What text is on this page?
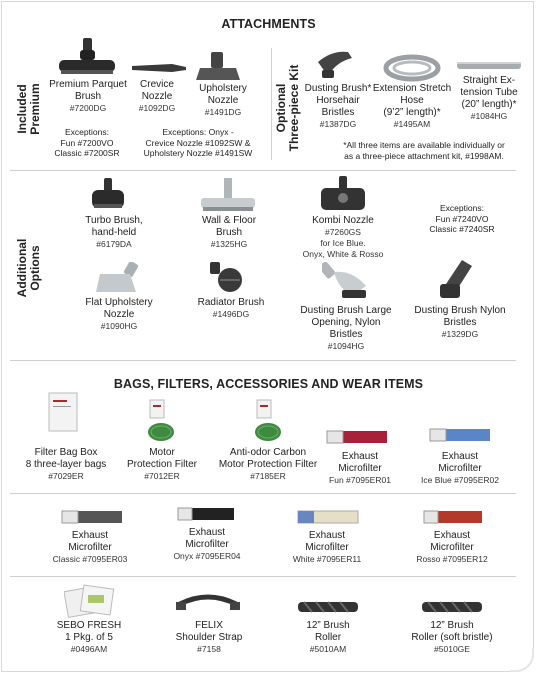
ATTACHMENTS
Included Premium	Optional Three-piece Kit
Premium Parquet Brush
#7200DG
Crevice Nozzle
#1092DG
Upholstery Nozzle
#1491DG
Exceptions:
Fun #7200VO
Classic #7200SR
Exceptions: Onyx -
Crevice Nozzle #1092SW &
Upholstery Nozzle #1491SW
Dusting Brush*
Horsehair Bristles
#1387DG
Extension Stretch Hose
(9’2” length)*
#1495AM
Straight Ex-tension Tube
(20” length)*
#1084HG
*All three items are available individually or
as a three-piece attachment kit, #1998AM.
Additional Options
Turbo Brush, hand-held
#6179DA
Wall & Floor Brush
#1325HG
Kombi Nozzle
#7260GS
for Ice Blue.
Onyx, White & Rosso
Exceptions:
Fun #7240VO
Classic #7240SR
Flat Upholstery Nozzle
#1090HG
Radiator Brush
#1496DG	Dusting Brush Large Opening, Nylon Bristles
#1094HG
Dusting Brush Nylon Bristles
#1329DG
BAGS, FILTERS, ACCESSORIES AND WEAR ITEMS
Filter Bag Box
8 three-layer bags
#7029ER
Motor
Protection Filter
#7012ER
Anti-odor Carbon
Motor Protection Filter
#7185ER
Exhaust
Microfilter
Fun #7095ER01
Exhaust
Microfilter
Ice Blue #7095ER02
Exhaust
Microfilter
Classic #7095ER03
Exhaust
Microfilter
Onyx #7095ER04
Exhaust
Microfilter
White #7095ER11
Exhaust
Microfilter
Rosso #7095ER12
SEBO FRESH
1 Pkg. of 5
#0496AM
FELIX
Shoulder Strap
#7158
12” Brush
Roller
#5010AM
12” Brush
Roller (soft bristle)
#5010GE
